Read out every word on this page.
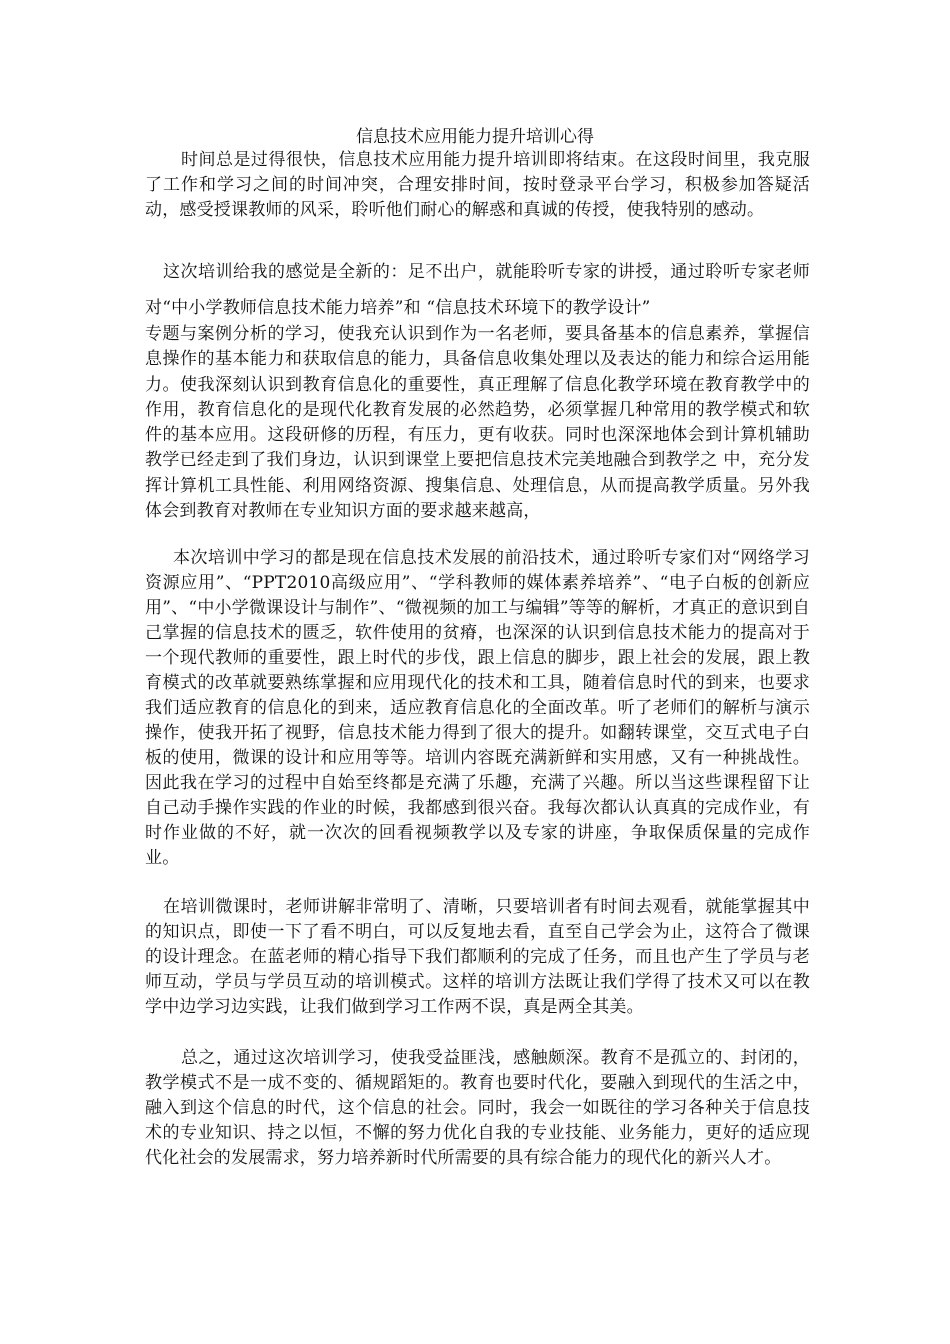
信息技术应用能力提升培训心得
时间总是过得很快，信息技术应用能力提升培训即将结束。在这段时间里，我克服了工作和学习之间的时间冲突，合理安排时间，按时登录平台学习，积极参加答疑活动，感受授课教师的风采，聆听他们耐心的解惑和真诚的传授，使我特别的感动。
这次培训给我的感觉是全新的：足不出户，就能聆听专家的讲授，通过聆听专家老师对“中小学教师信息技术能力培养”和 “信息技术环境下的教学设计”
专题与案例分析的学习，使我充认识到作为一名老师，要具备基本的信息素养，掌握信息操作的基本能力和获取信息的能力，具备信息收集处理以及表达的能力和综合运用能力。使我深刻认识到教育信息化的重要性，真正理解了信息化教学环境在教育教学中的作用，教育信息化的是现代化教育发展的必然趋势，必须掌握几种常用的教学模式和软件的基本应用。这段研修的历程，有压力，更有收获。同时也深深地体会到计算机辅助教学已经走到了我们身边，认识到课堂上要把信息技术完美地融合到教学之 中，充分发挥计算机工具性能、利用网络资源、搜集信息、处理信息，从而提高教学质量。另外我体会到教育对教师在专业知识方面的要求越来越高，
本次培训中学习的都是现在信息技术发展的前沿技术，通过聆听专家们对“网络学习资源应用”、“PPT2010高级应用”、“学科教师的媒体素养培养”、“电子白板的创新应用”、“中小学微课设计与制作”、“微视频的加工与编辑”等等的解析，才真正的意识到自己掌握的信息技术的匮乏，软件使用的贫瘠，也深深的认识到信息技术能力的提高对于一个现代教师的重要性，跟上时代的步伐，跟上信息的脚步，跟上社会的发展，跟上教育模式的改革就要熟练掌握和应用现代化的技术和工具，随着信息时代的到来，也要求我们适应教育的信息化的到来，适应教育信息化的全面改革。听了老师们的解析与演示操作，使我开拓了视野，信息技术能力得到了很大的提升。如翻转课堂，交互式电子白板的使用，微课的设计和应用等等。培训内容既充满新鲜和实用感，又有一种挑战性。因此我在学习的过程中自始至终都是充满了乐趣，充满了兴趣。所以当这些课程留下让自己动手操作实践的作业的时候，我都感到很兴奋。我每次都认认真真的完成作业，有时作业做的不好，就一次次的回看视频教学以及专家的讲座，争取保质保量的完成作业。
在培训微课时，老师讲解非常明了、清晰，只要培训者有时间去观看，就能掌握其中的知识点，即使一下了看不明白，可以反复地去看，直至自己学会为止，这符合了微课的设计理念。在蓝老师的精心指导下我们都顺利的完成了任务，而且也产生了学员与老师互动，学员与学员互动的培训模式。这样的培训方法既让我们学得了技术又可以在教学中边学习边实践，让我们做到学习工作两不误，真是两全其美。
总之，通过这次培训学习，使我受益匪浅，感触颇深。教育不是孤立的、封闭的，教学模式不是一成不变的、循规蹈矩的。教育也要时代化，要融入到现代的生活之中，融入到这个信息的时代，这个信息的社会。同时，我会一如既往的学习各种关于信息技术的专业知识、持之以恒，不懈的努力优化自我的专业技能、业务能力，更好的适应现代化社会的发展需求，努力培养新时代所需要的具有综合能力的现代化的新兴人才。
